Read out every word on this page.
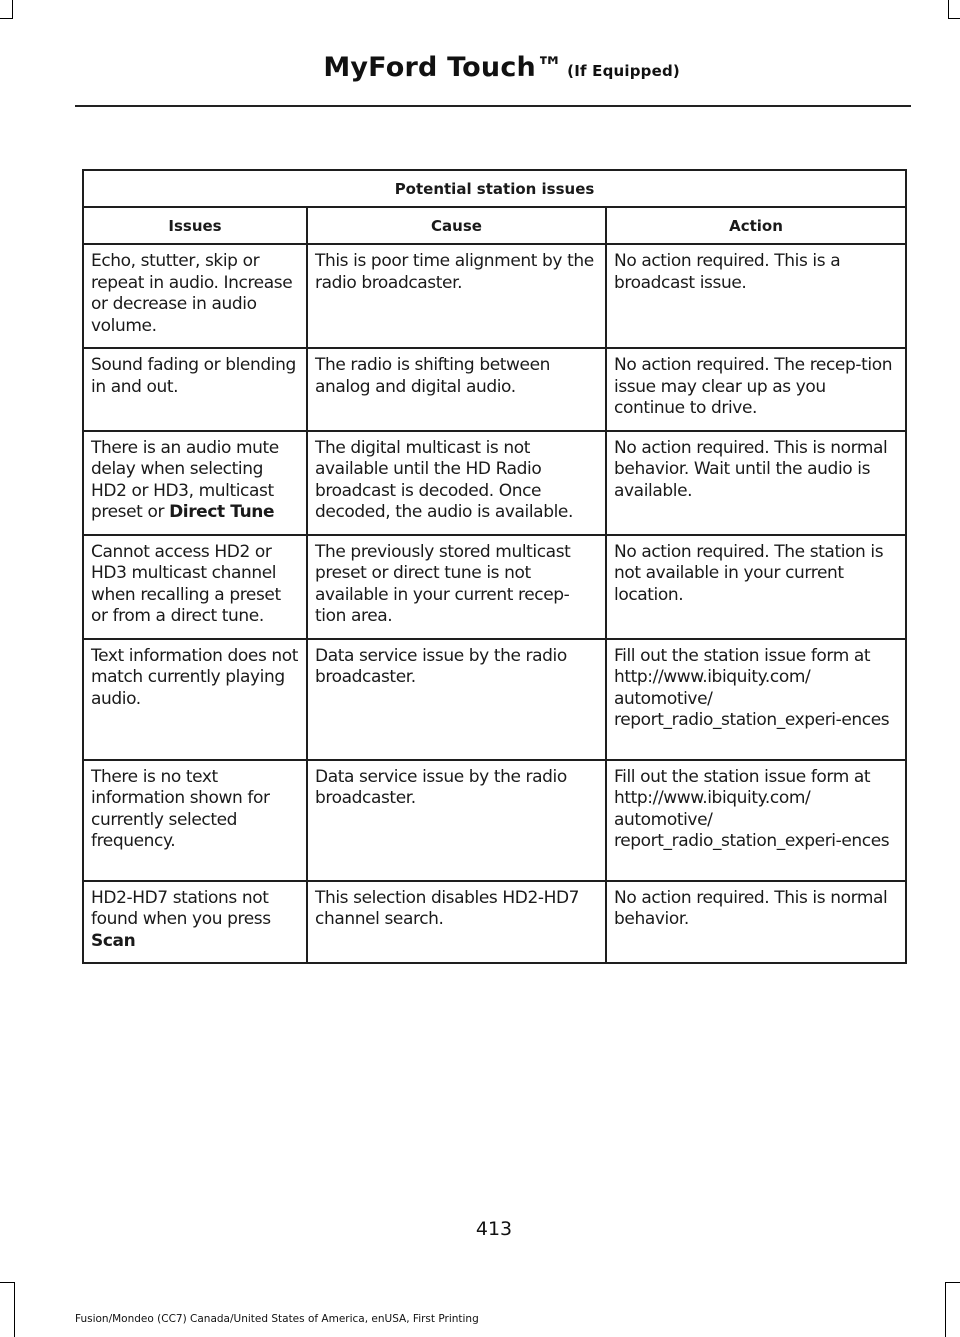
MyFord Touch™ (If Equipped)
Potential station issues		
Issues	Cause	Action
Echo, stutter, skip or repeat in audio. Increase or decrease in audio volume.	This is poor time alignment by the radio broadcaster.	No action required. This is a broadcast issue.
Sound fading or blending in and out.	The radio is shifting between analog and digital audio.	No action required. The recep-tion issue may clear up as you continue to drive.
There is an audio mute delay when selecting HD2 or HD3, multicast preset or Direct Tune	The digital multicast is not available until the HD Radio broadcast is decoded. Once decoded, the audio is available.	No action required. This is normal behavior. Wait until the audio is available.
Cannot access HD2 or HD3 multicast channel when recalling a preset or from a direct tune.	The previously stored multicast preset or direct tune is not available in your current recep-tion area.	No action required. The station is not available in your current location.
Text information does not match currently playing audio.	Data service issue by the radio broadcaster.	Fill out the station issue form at http://www.ibiquity.com/ automotive/ report_radio_station_experi-ences
There is no text information shown for currently selected frequency.	Data service issue by the radio broadcaster.	Fill out the station issue form at http://www.ibiquity.com/ automotive/ report_radio_station_experi-ences
HD2-HD7 stations not found when you press Scan	This selection disables HD2-HD7 channel search.	No action required. This is normal behavior.
413
Fusion/Mondeo (CC7) Canada/United States of America, enUSA, First Printing
